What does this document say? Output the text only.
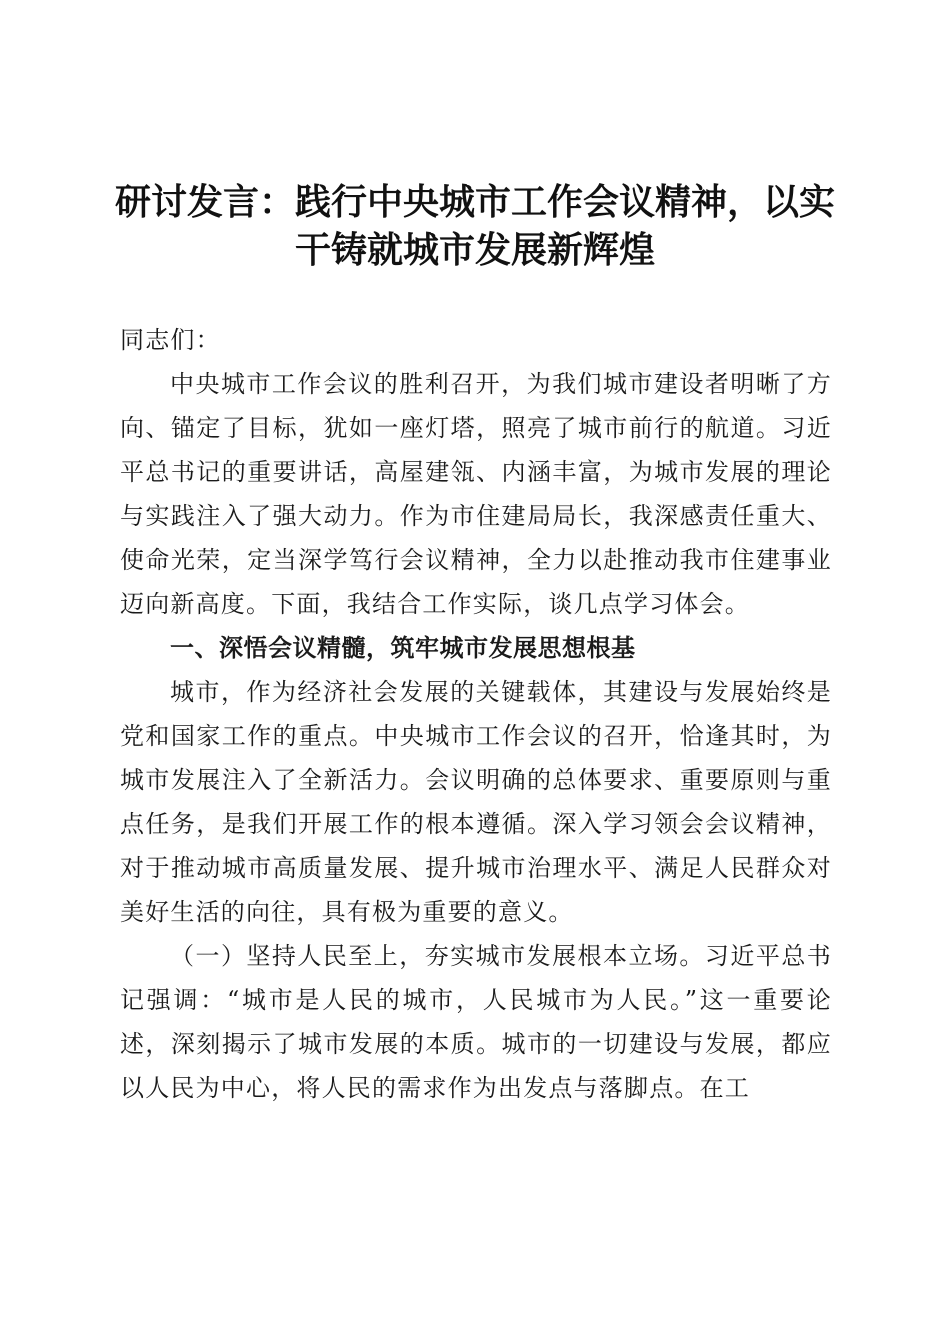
研讨发言：践行中央城市工作会议精神，以实干铸就城市发展新辉煌

同志们：

中央城市工作会议的胜利召开，为我们城市建设者明晰了方向、锚定了目标，犹如一座灯塔，照亮了城市前行的航道。习近平总书记的重要讲话，高屋建瓴、内涵丰富，为城市发展的理论与实践注入了强大动力。作为市住建局局长，我深感责任重大、使命光荣，定当深学笃行会议精神，全力以赴推动我市住建事业迈向新高度。下面，我结合工作实际，谈几点学习体会。

一、深悟会议精髓，筑牢城市发展思想根基

城市，作为经济社会发展的关键载体，其建设与发展始终是党和国家工作的重点。中央城市工作会议的召开，恰逢其时，为城市发展注入了全新活力。会议明确的总体要求、重要原则与重点任务，是我们开展工作的根本遵循。深入学习领会会议精神，对于推动城市高质量发展、提升城市治理水平、满足人民群众对美好生活的向往，具有极为重要的意义。

（一）坚持人民至上，夯实城市发展根本立场。习近平总书记强调：“城市是人民的城市，人民城市为人民。”这一重要论述，深刻揭示了城市发展的本质。城市的一切建设与发展，都应以人民为中心，将人民的需求作为出发点与落脚点。在工
